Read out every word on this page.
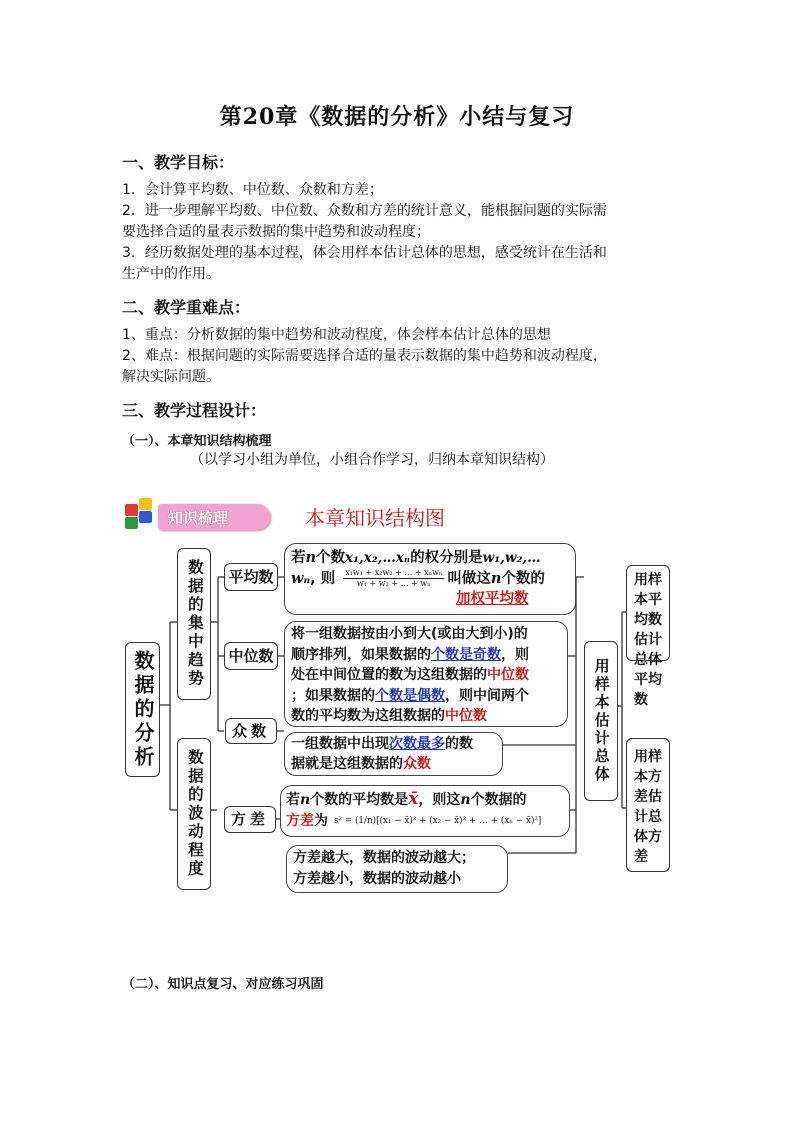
第20章《数据的分析》小结与复习
一、教学目标：
1．会计算平均数、中位数、众数和方差；
2．进一步理解平均数、中位数、众数和方差的统计意义，能根据问题的实际需
要选择合适的量表示数据的集中趋势和波动程度；
3．经历数据处理的基本过程，体会用样本估计总体的思想，感受统计在生活和
生产中的作用。
二、教学重难点：
1、重点：分析数据的集中趋势和波动程度，体会样本估计总体的思想
2、难点：根据问题的实际需要选择合适的量表示数据的集中趋势和波动程度，
解决实际问题。
三、教学过程设计：
（一）、本章知识结构梳理
（以学习小组为单位，小组合作学习，归纳本章知识结构）
知识梳理	本章知识结构图
数据的分析
数据的集中趋势
数据的波动程度
平均数
中位数
众数
方差
若n个数x₁,x₂,…xₙ的权分别是w₁,w₂,…
wₙ , 则 x₁w₁ + x₂w₂ + … + xₙwₙ
w₁ + w₂ + … + wₙ 叫做这 n 个数的
加权平均数
将一组数据按由小到大(或由大到小)的
顺序排列，如果数据的个数是奇数，则
处在中间位置的数为这组数据的中位数
；如果数据的个数是偶数，则中间两个
数的平均数为这组数据的中位数
一组数据中出现次数最多的数
据就是这组数据的众数
若n个数的平均数是x̄，则这n个数据的
方差 为 s² = (1/n)[(x₁ − x̄)² + (x₂ − x̄)² + … + (xₙ − x̄)²]
方差越大，数据的波动越大；
方差越小，数据的波动越小
用样本估计总体
用样本平均数估计总体平均数
用样本方差估计总体方差
（二）、知识点复习、对应练习巩固
